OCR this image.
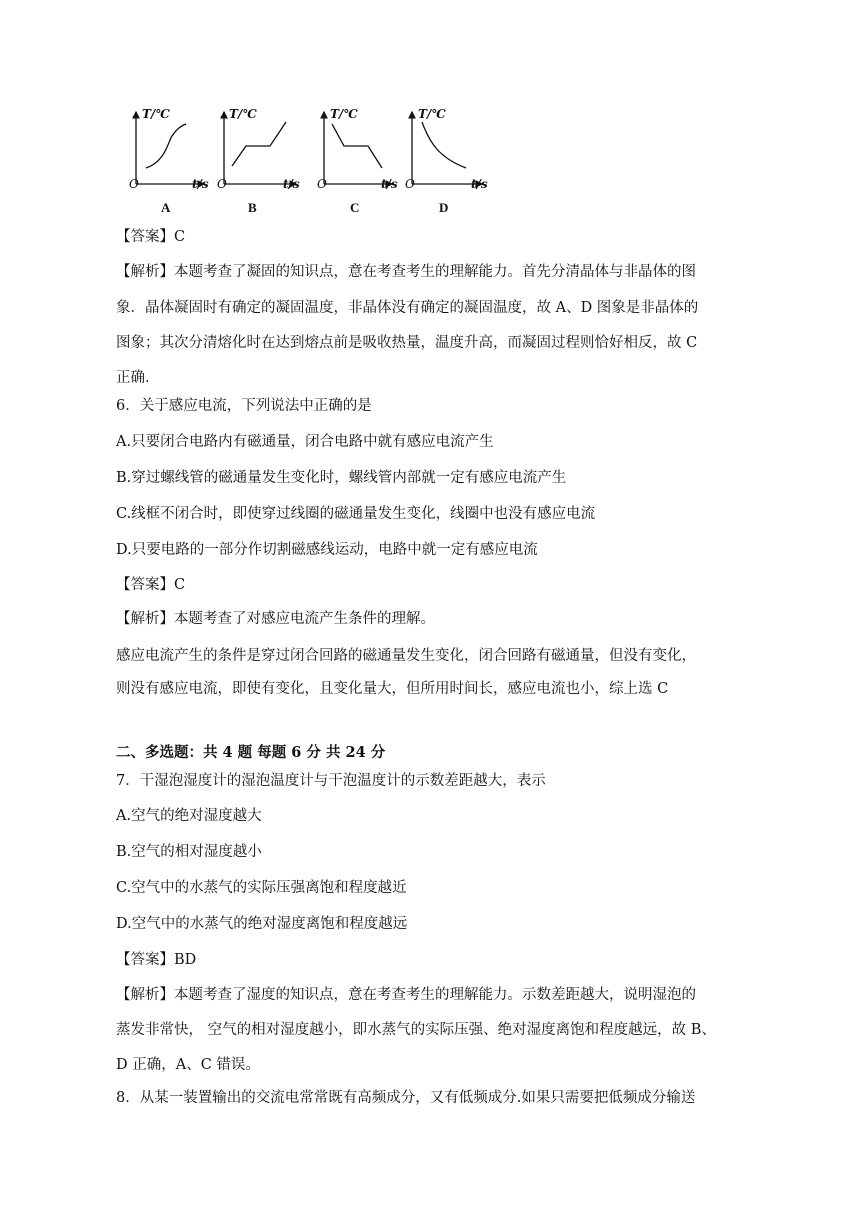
T/℃	T/℃	T/℃	T/℃
O	O	O	O
t/s	t/s	t/s	t/s
A	B	C	D
【答案】C
【解析】本题考查了凝固的知识点，意在考查考生的理解能力。首先分清晶体与非晶体的图
象．晶体凝固时有确定的凝固温度，非晶体没有确定的凝固温度，故 A、D 图象是非晶体的
图象；其次分清熔化时在达到熔点前是吸收热量，温度升高，而凝固过程则恰好相反，故 C
正确．
6．关于感应电流，下列说法中正确的是
A.只要闭合电路内有磁通量，闭合电路中就有感应电流产生
B.穿过螺线管的磁通量发生变化时，螺线管内部就一定有感应电流产生
C.线框不闭合时，即使穿过线圈的磁通量发生变化，线圈中也没有感应电流
D.只要电路的一部分作切割磁感线运动，电路中就一定有感应电流
【答案】C
【解析】本题考查了对感应电流产生条件的理解。
感应电流产生的条件是穿过闭合回路的磁通量发生变化，闭合回路有磁通量，但没有变化，
则没有感应电流，即使有变化，且变化量大，但所用时间长，感应电流也小，综上选 C
二、多选题：共 4 题 每题 6 分 共 24 分
7．干湿泡湿度计的湿泡温度计与干泡温度计的示数差距越大，表示
A.空气的绝对湿度越大
B.空气的相对湿度越小
C.空气中的水蒸气的实际压强离饱和程度越近
D.空气中的水蒸气的绝对湿度离饱和程度越远
【答案】BD
【解析】本题考查了湿度的知识点，意在考查考生的理解能力。示数差距越大，说明湿泡的
蒸发非常快， 空气的相对湿度越小，即水蒸气的实际压强、绝对湿度离饱和程度越远，故 B、
D 正确，A、C 错误。
8．从某一装置输出的交流电常常既有高频成分，又有低频成分.如果只需要把低频成分输送
